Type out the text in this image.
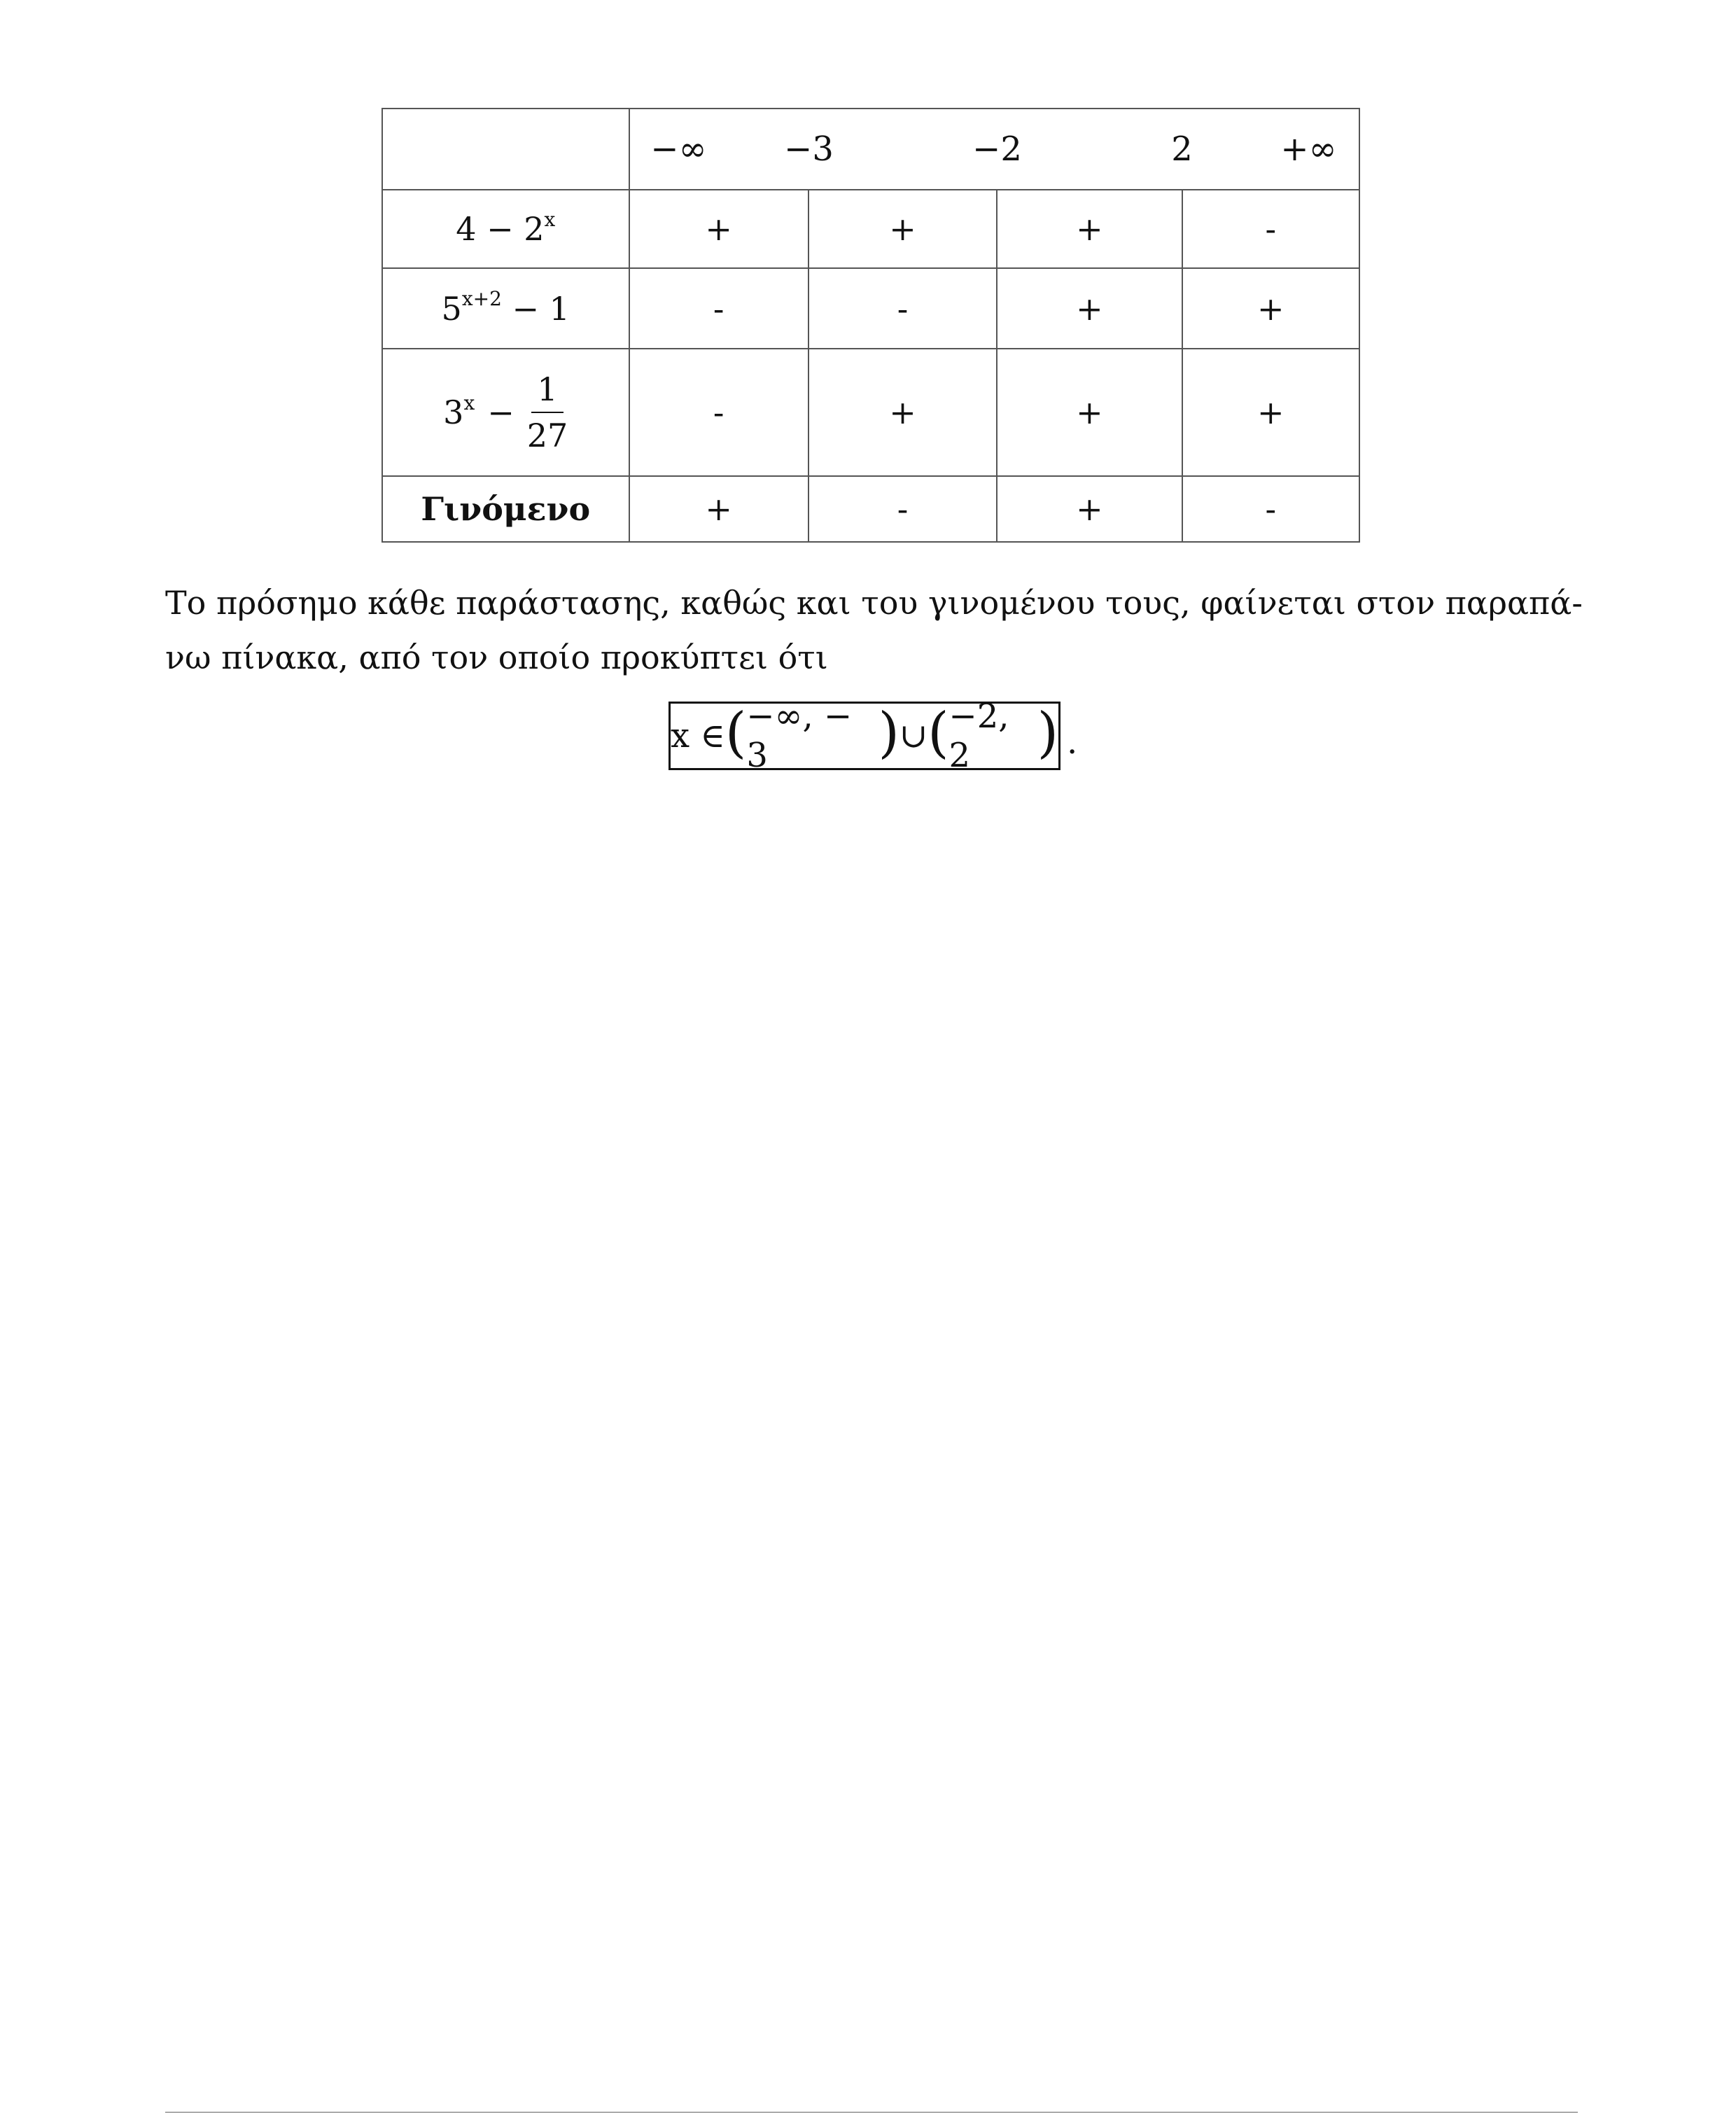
	−∞ −3 −2 2 +∞			

$4 - 2^x$	+	+	+	-
$5^{x+2} - 1$	-	-	+	+

$3^x - \frac{1}{27}$	-	+	+	+
Γινόμενο	+	-	+	-

Το πρόσημο κάθε παράστασης, καθώς και του γινομένου τους, φαίνεται στον παραπά-
νω πίνακα, από τον οποίο προκύπτει ότι

x
∈ ( −∞, − 3	) ∪ ( −2, 2	) .
